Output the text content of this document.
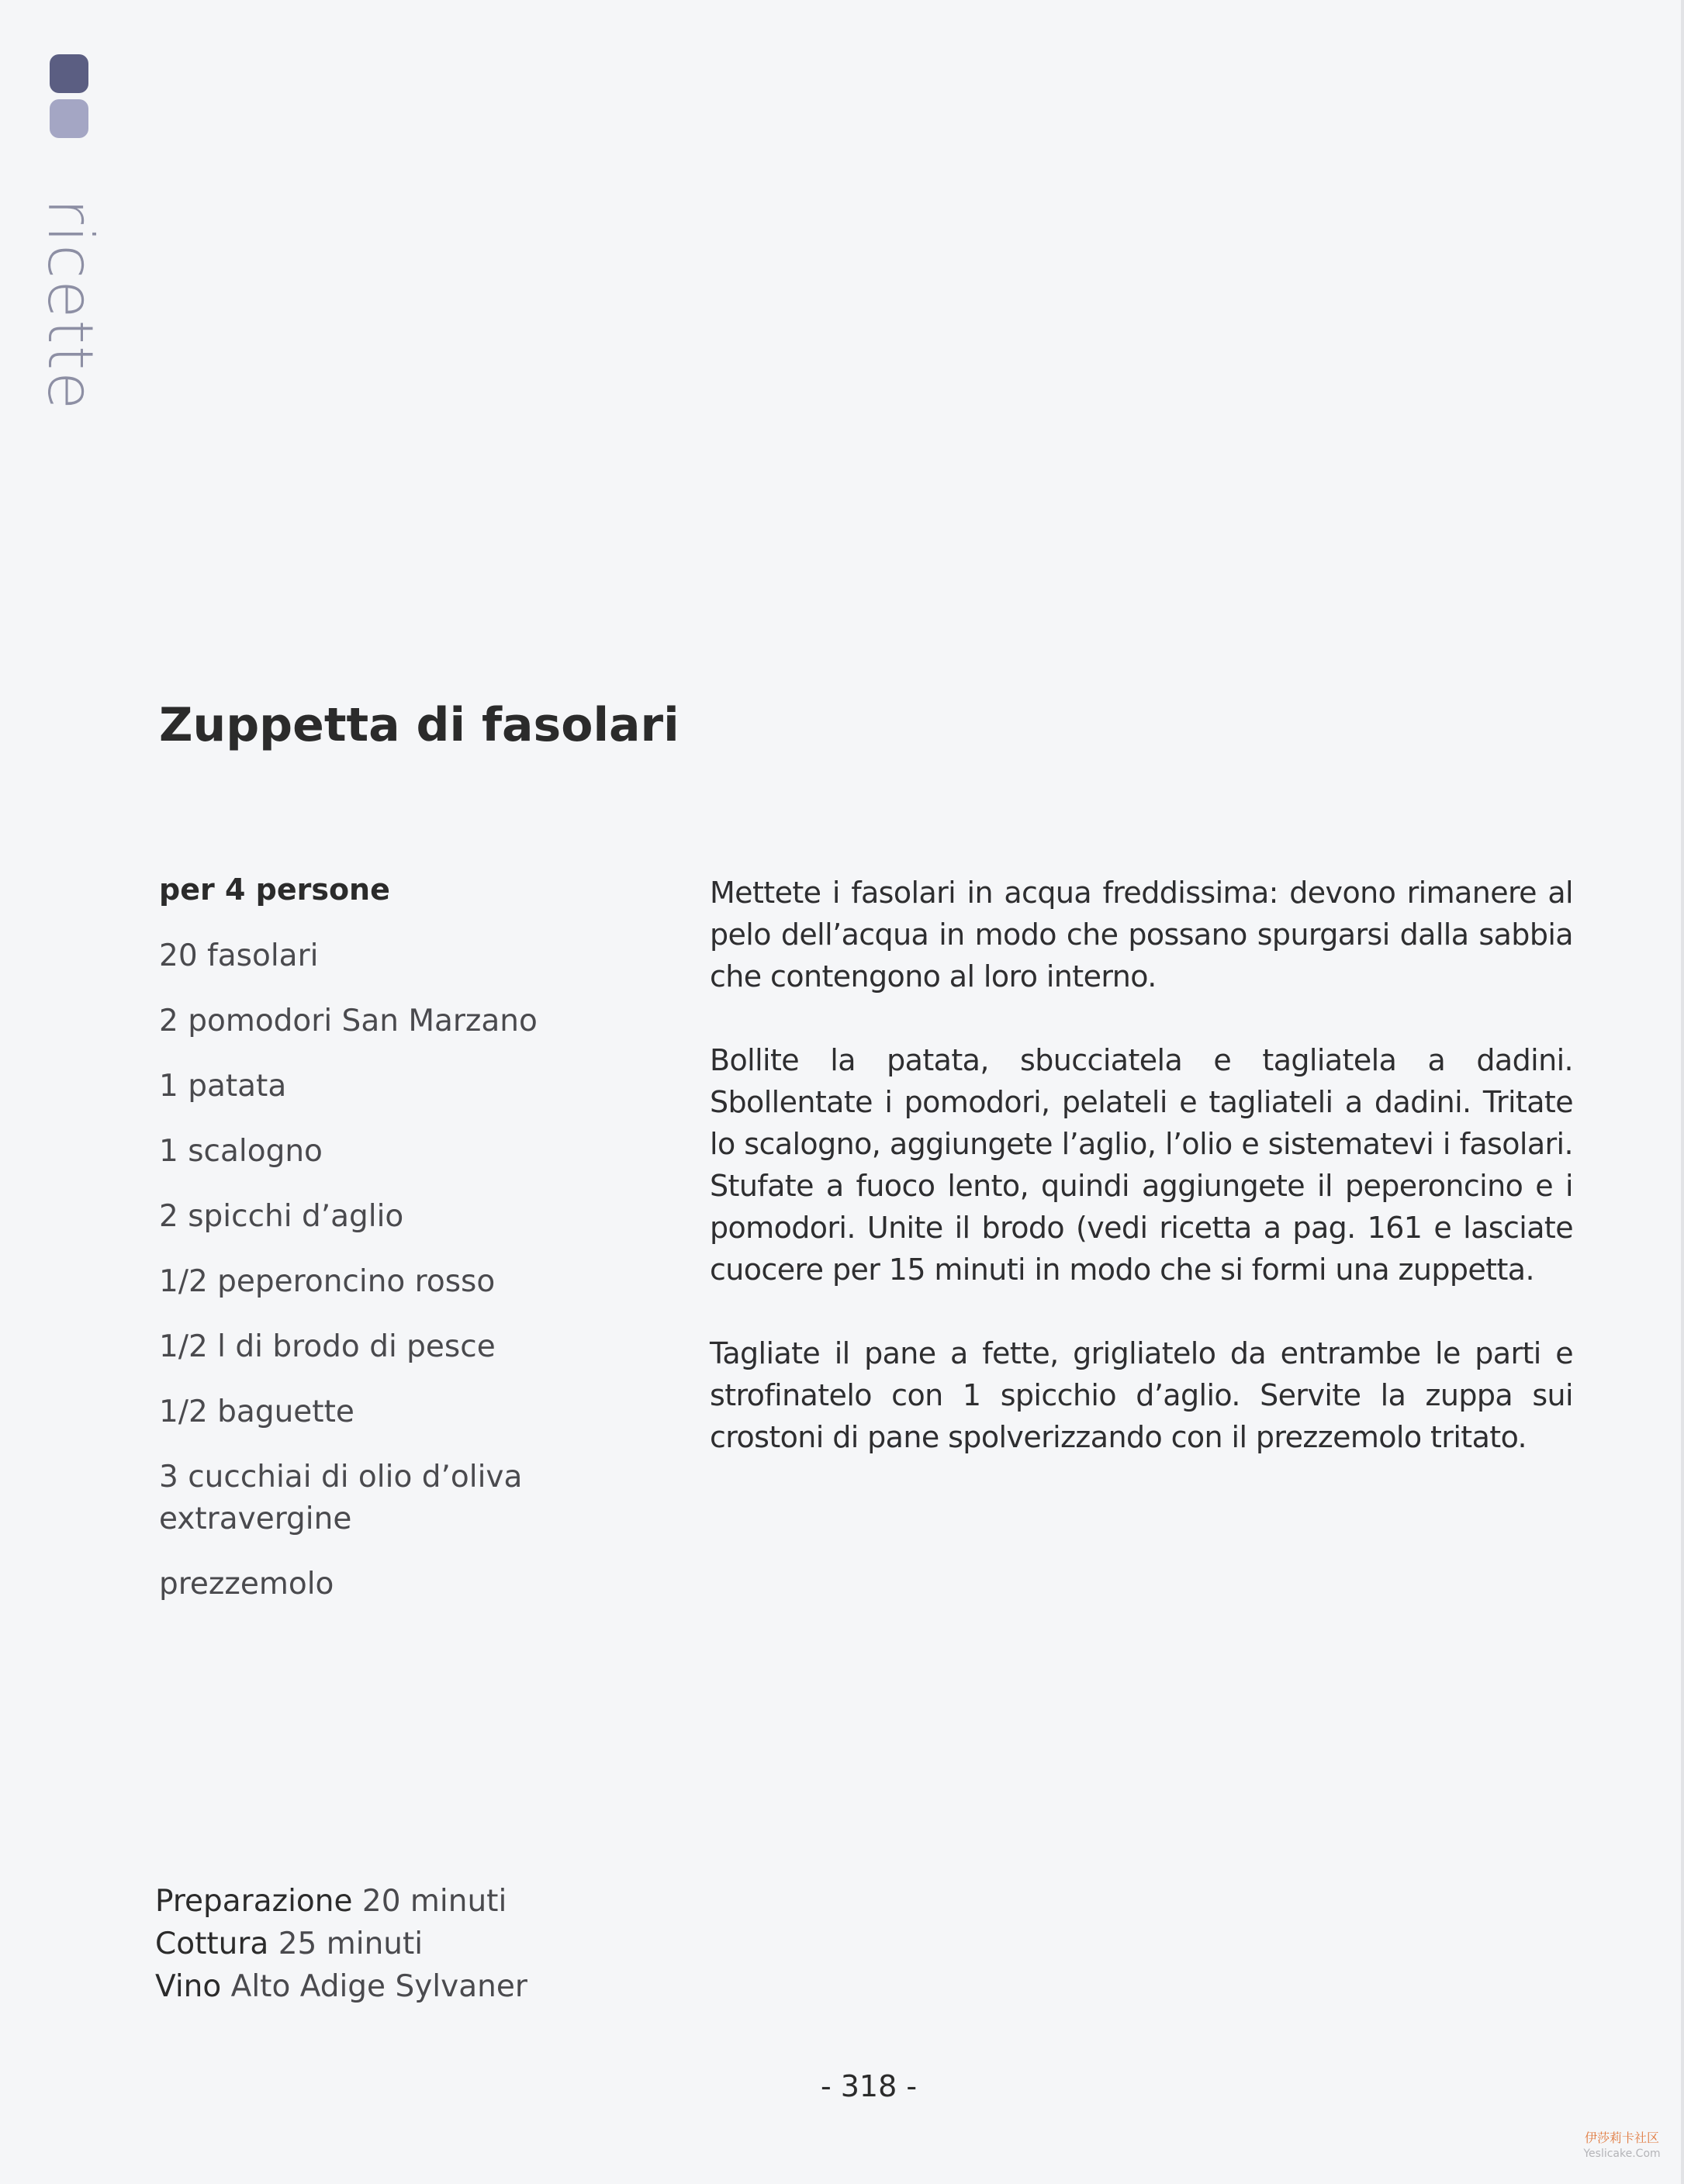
ricette
Zuppetta di fasolari
per 4 persone
20 fasolari
2 pomodori San Marzano
1 patata
1 scalogno
2 spicchi d’aglio
1/2 peperoncino rosso
1/2 l di brodo di pesce
1/2 baguette
3 cucchiai di olio d’oliva extravergine
prezzemolo

Mettete i fasolari in acqua freddissima: devono rimanere al pelo dell’acqua in modo che possano spurgarsi dalla sabbia che contengono al loro interno.

Bollite la patata, sbucciatela e tagliatela a dadini. Sbollentate i pomodori, pelateli e tagliateli a dadini. Tritate lo scalogno, aggiungete l’aglio, l’olio e sistematevi i fasolari. Stufate a fuoco lento, quindi aggiungete il peperoncino e i pomodori. Unite il brodo (vedi ricetta a pag. 161 e lasciate cuocere per 15 minuti in modo che si formi una zuppetta.

Tagliate il pane a fette, grigliatelo da entrambe le parti e strofinatelo con 1 spicchio d’aglio. Servite la zuppa sui crostoni di pane spolverizzando con il prezzemolo tritato.

Preparazione 20 minuti
Cottura 25 minuti
Vino Alto Adige Sylvaner
- 318 -
伊莎莉卡社区
Yeslicake.Com
